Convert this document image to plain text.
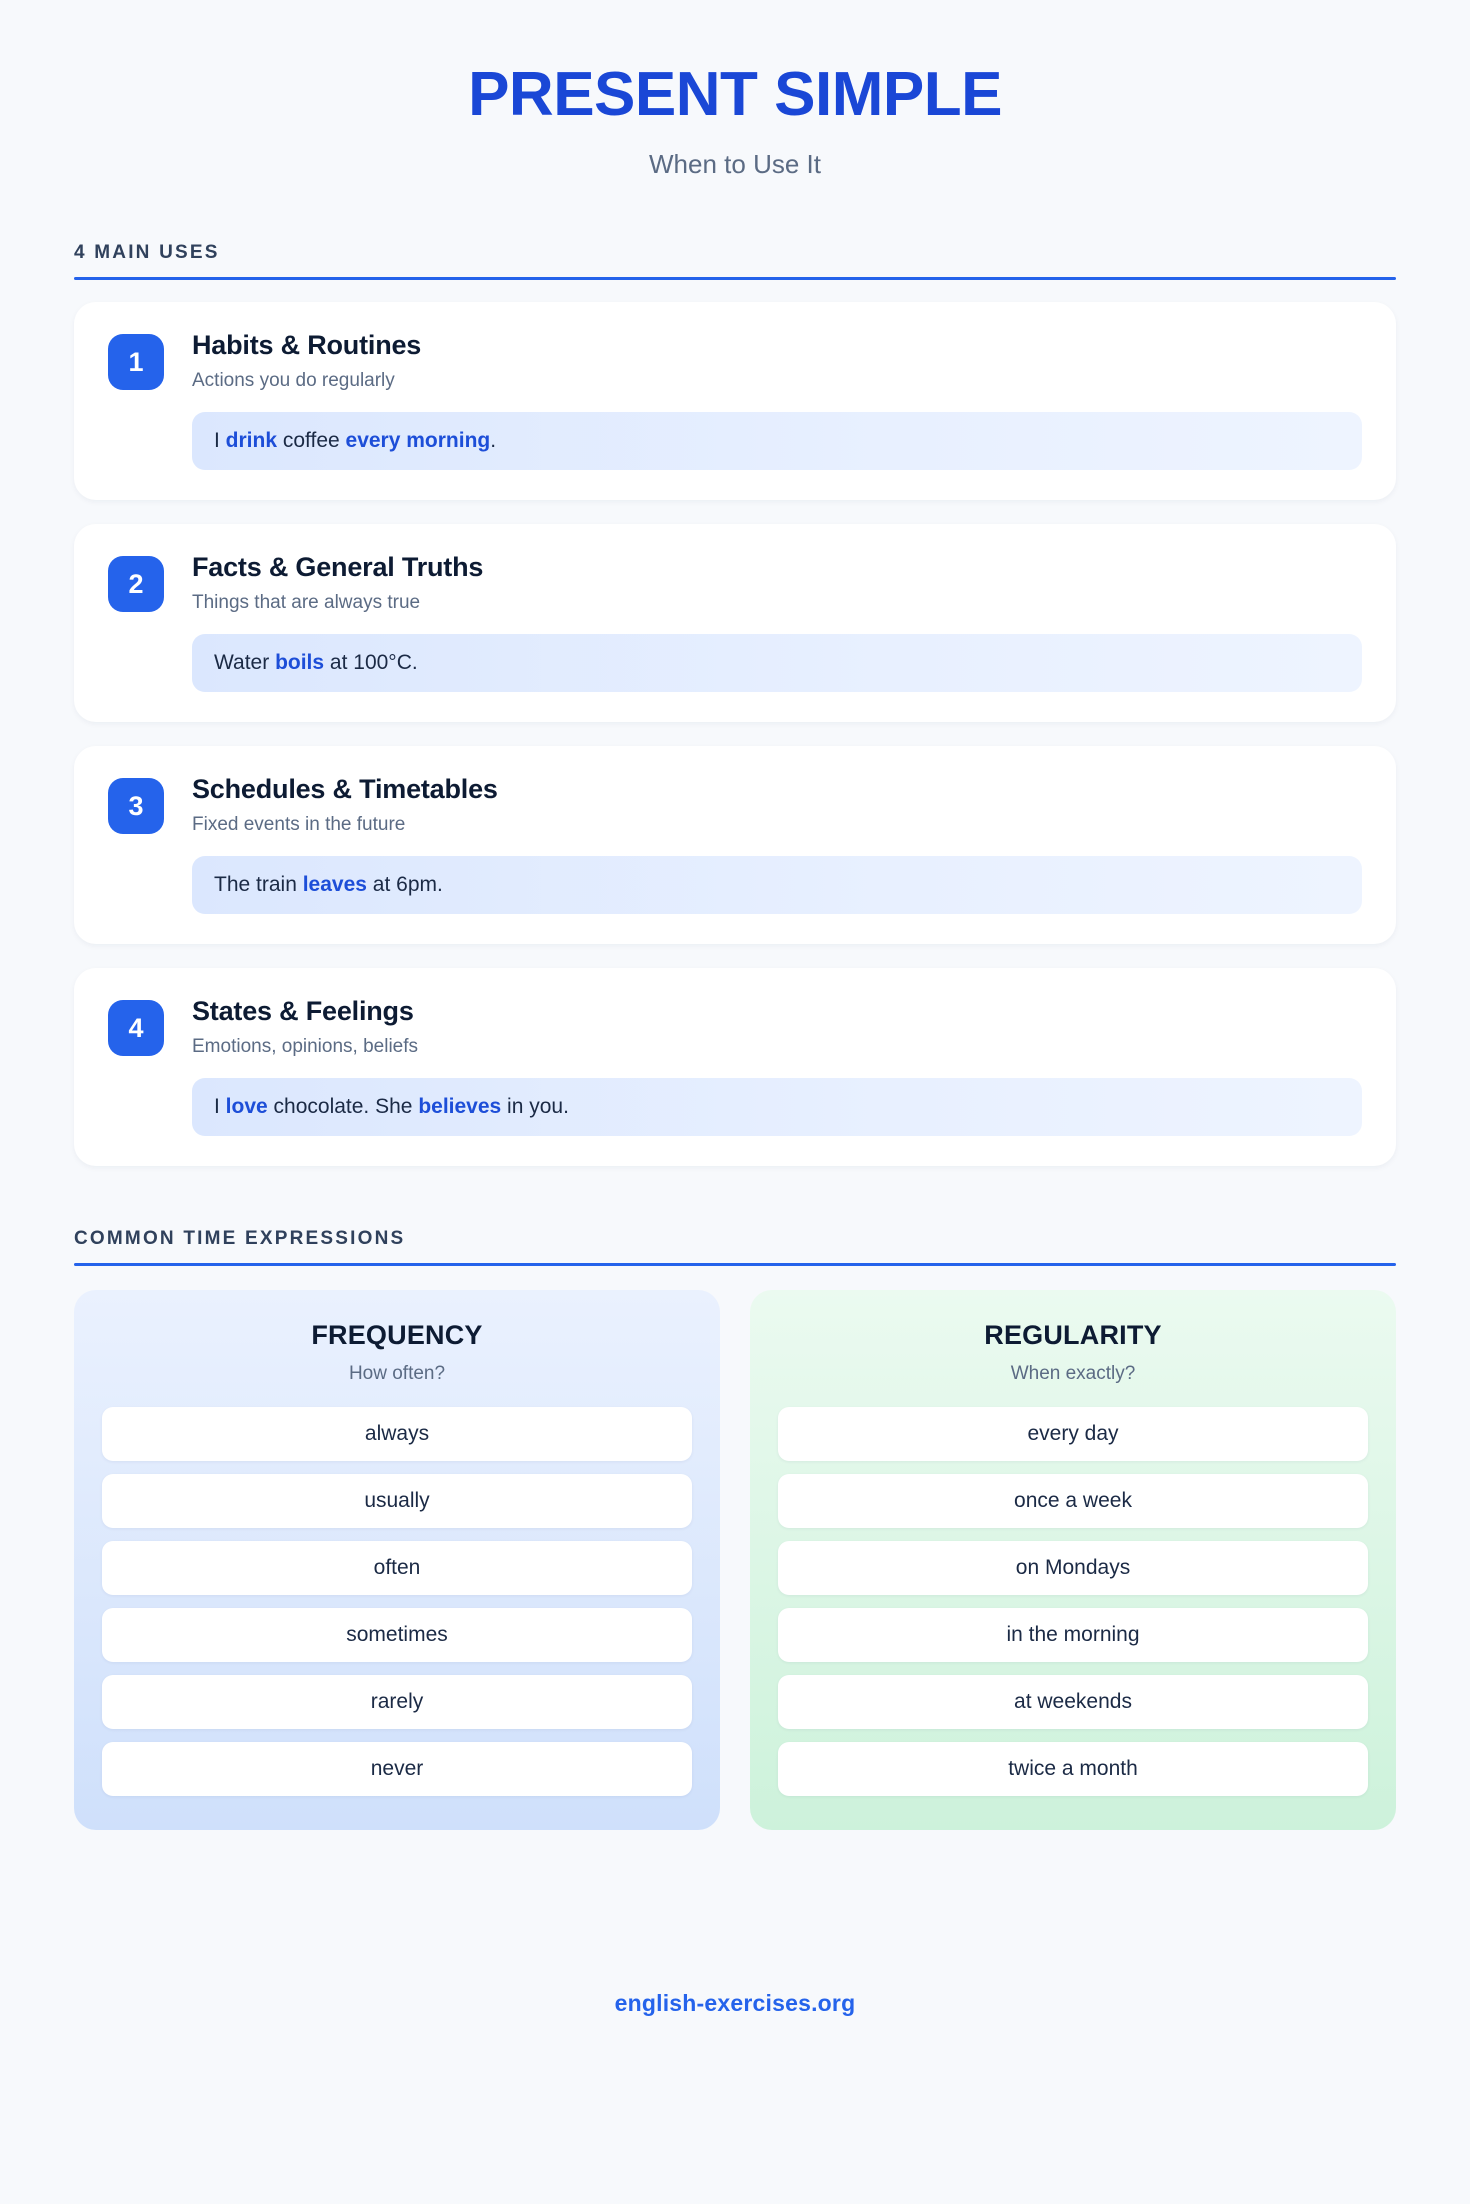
PRESENT SIMPLE
When to Use It
4 MAIN USES
1
Habits & Routines
Actions you do regularly
I drink coffee every morning.
2
Facts & General Truths
Things that are always true
Water boils at 100°C.
3
Schedules & Timetables
Fixed events in the future
The train leaves at 6pm.
4
States & Feelings
Emotions, opinions, beliefs
I love chocolate. She believes in you.
COMMON TIME EXPRESSIONS
FREQUENCY
How often?
always
usually
often
sometimes
rarely
never
REGULARITY
When exactly?
every day
once a week
on Mondays
in the morning
at weekends
twice a month
english-exercises.org
